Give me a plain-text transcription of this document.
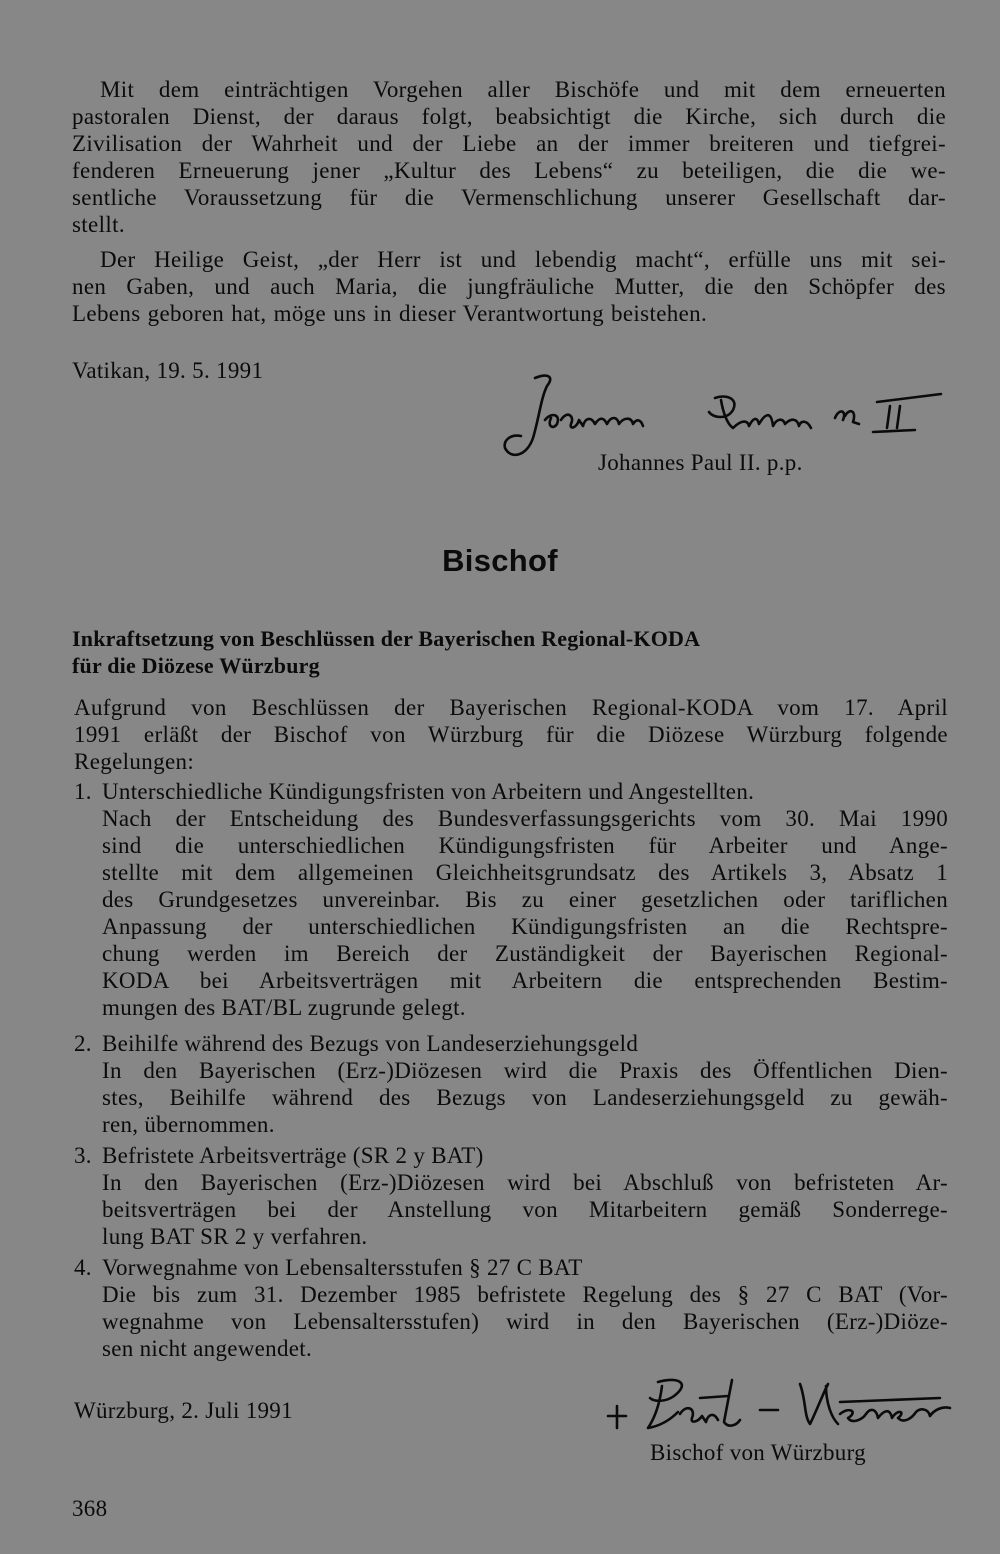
Mit dem einträchtigen Vorgehen aller Bischöfe und mit dem erneuerten
pastoralen Dienst, der daraus folgt, beabsichtigt die Kirche, sich durch die
Zivilisation der Wahrheit und der Liebe an der immer breiteren und tiefgrei-
fenderen Erneuerung jener „Kultur des Lebens“ zu beteiligen, die die we-
sentliche Voraussetzung für die Vermenschlichung unserer Gesellschaft dar-
stellt.
Der Heilige Geist, „der Herr ist und lebendig macht“, erfülle uns mit sei-
nen Gaben, und auch Maria, die jungfräuliche Mutter, die den Schöpfer des
Lebens geboren hat, möge uns in dieser Verantwortung beistehen.
Vatikan, 19. 5. 1991
Johannes Paul II. p.p.
Bischof
Inkraftsetzung von Beschlüssen der Bayerischen Regional-KODA
für die Diözese Würzburg
Aufgrund von Beschlüssen der Bayerischen Regional-KODA vom 17. April
1991 erläßt der Bischof von Würzburg für die Diözese Würzburg folgende
Regelungen:
1. Unterschiedliche Kündigungsfristen von Arbeitern und Angestellten.
Nach der Entscheidung des Bundesverfassungsgerichts vom 30. Mai 1990
sind die unterschiedlichen Kündigungsfristen für Arbeiter und Ange-
stellte mit dem allgemeinen Gleichheitsgrundsatz des Artikels 3, Absatz 1
des Grundgesetzes unvereinbar. Bis zu einer gesetzlichen oder tariflichen
Anpassung der unterschiedlichen Kündigungsfristen an die Rechtspre-
chung werden im Bereich der Zuständigkeit der Bayerischen Regional-
KODA bei Arbeitsverträgen mit Arbeitern die entsprechenden Bestim-
mungen des BAT/BL zugrunde gelegt.
2. Beihilfe während des Bezugs von Landeserziehungsgeld
In den Bayerischen (Erz-)Diözesen wird die Praxis des Öffentlichen Dien-
stes, Beihilfe während des Bezugs von Landeserziehungsgeld zu gewäh-
ren, übernommen.
3. Befristete Arbeitsverträge (SR 2 y BAT)
In den Bayerischen (Erz-)Diözesen wird bei Abschluß von befristeten Ar-
beitsverträgen bei der Anstellung von Mitarbeitern gemäß Sonderrege-
lung BAT SR 2 y verfahren.
4. Vorwegnahme von Lebensaltersstufen § 27 C BAT
Die bis zum 31. Dezember 1985 befristete Regelung des § 27 C BAT (Vor-
wegnahme von Lebensaltersstufen) wird in den Bayerischen (Erz-)Diöze-
sen nicht angewendet.
Würzburg, 2. Juli 1991
Bischof von Würzburg
368
